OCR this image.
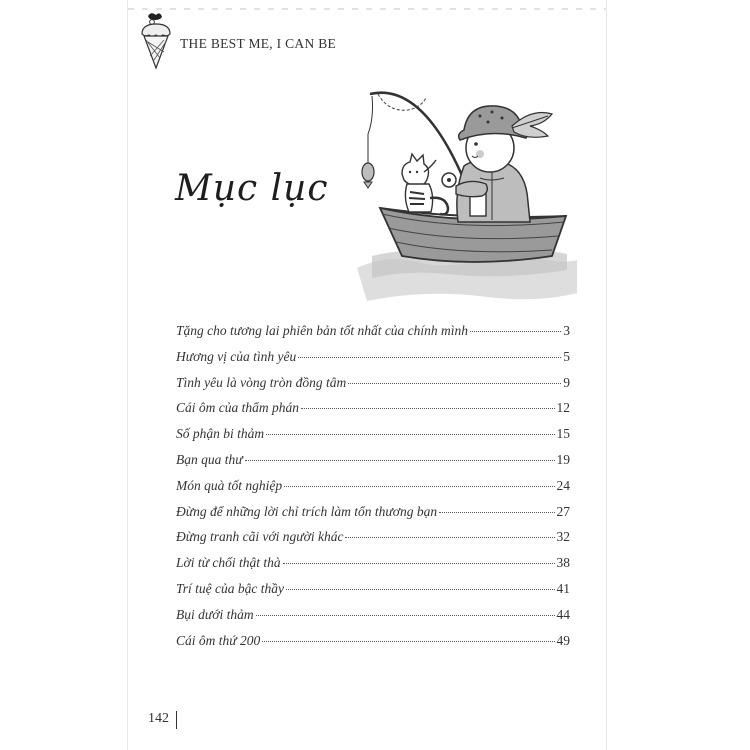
THE BEST ME, I CAN BE
Mục lục
Tặng cho tương lai phiên bản tốt nhất của chính mình	3
Hương vị của tình yêu	5
Tình yêu là vòng tròn đồng tâm	9
Cái ôm của thẩm phán	12
Số phận bi thảm	15
Bạn qua thư	19
Món quà tốt nghiệp	24
Đừng để những lời chỉ trích làm tổn thương bạn	27
Đừng tranh cãi với người khác	32
Lời từ chối thật thà	38
Trí tuệ của bậc thầy	41
Bụi dưới thảm	44
Cái ôm thứ 200	49
142
